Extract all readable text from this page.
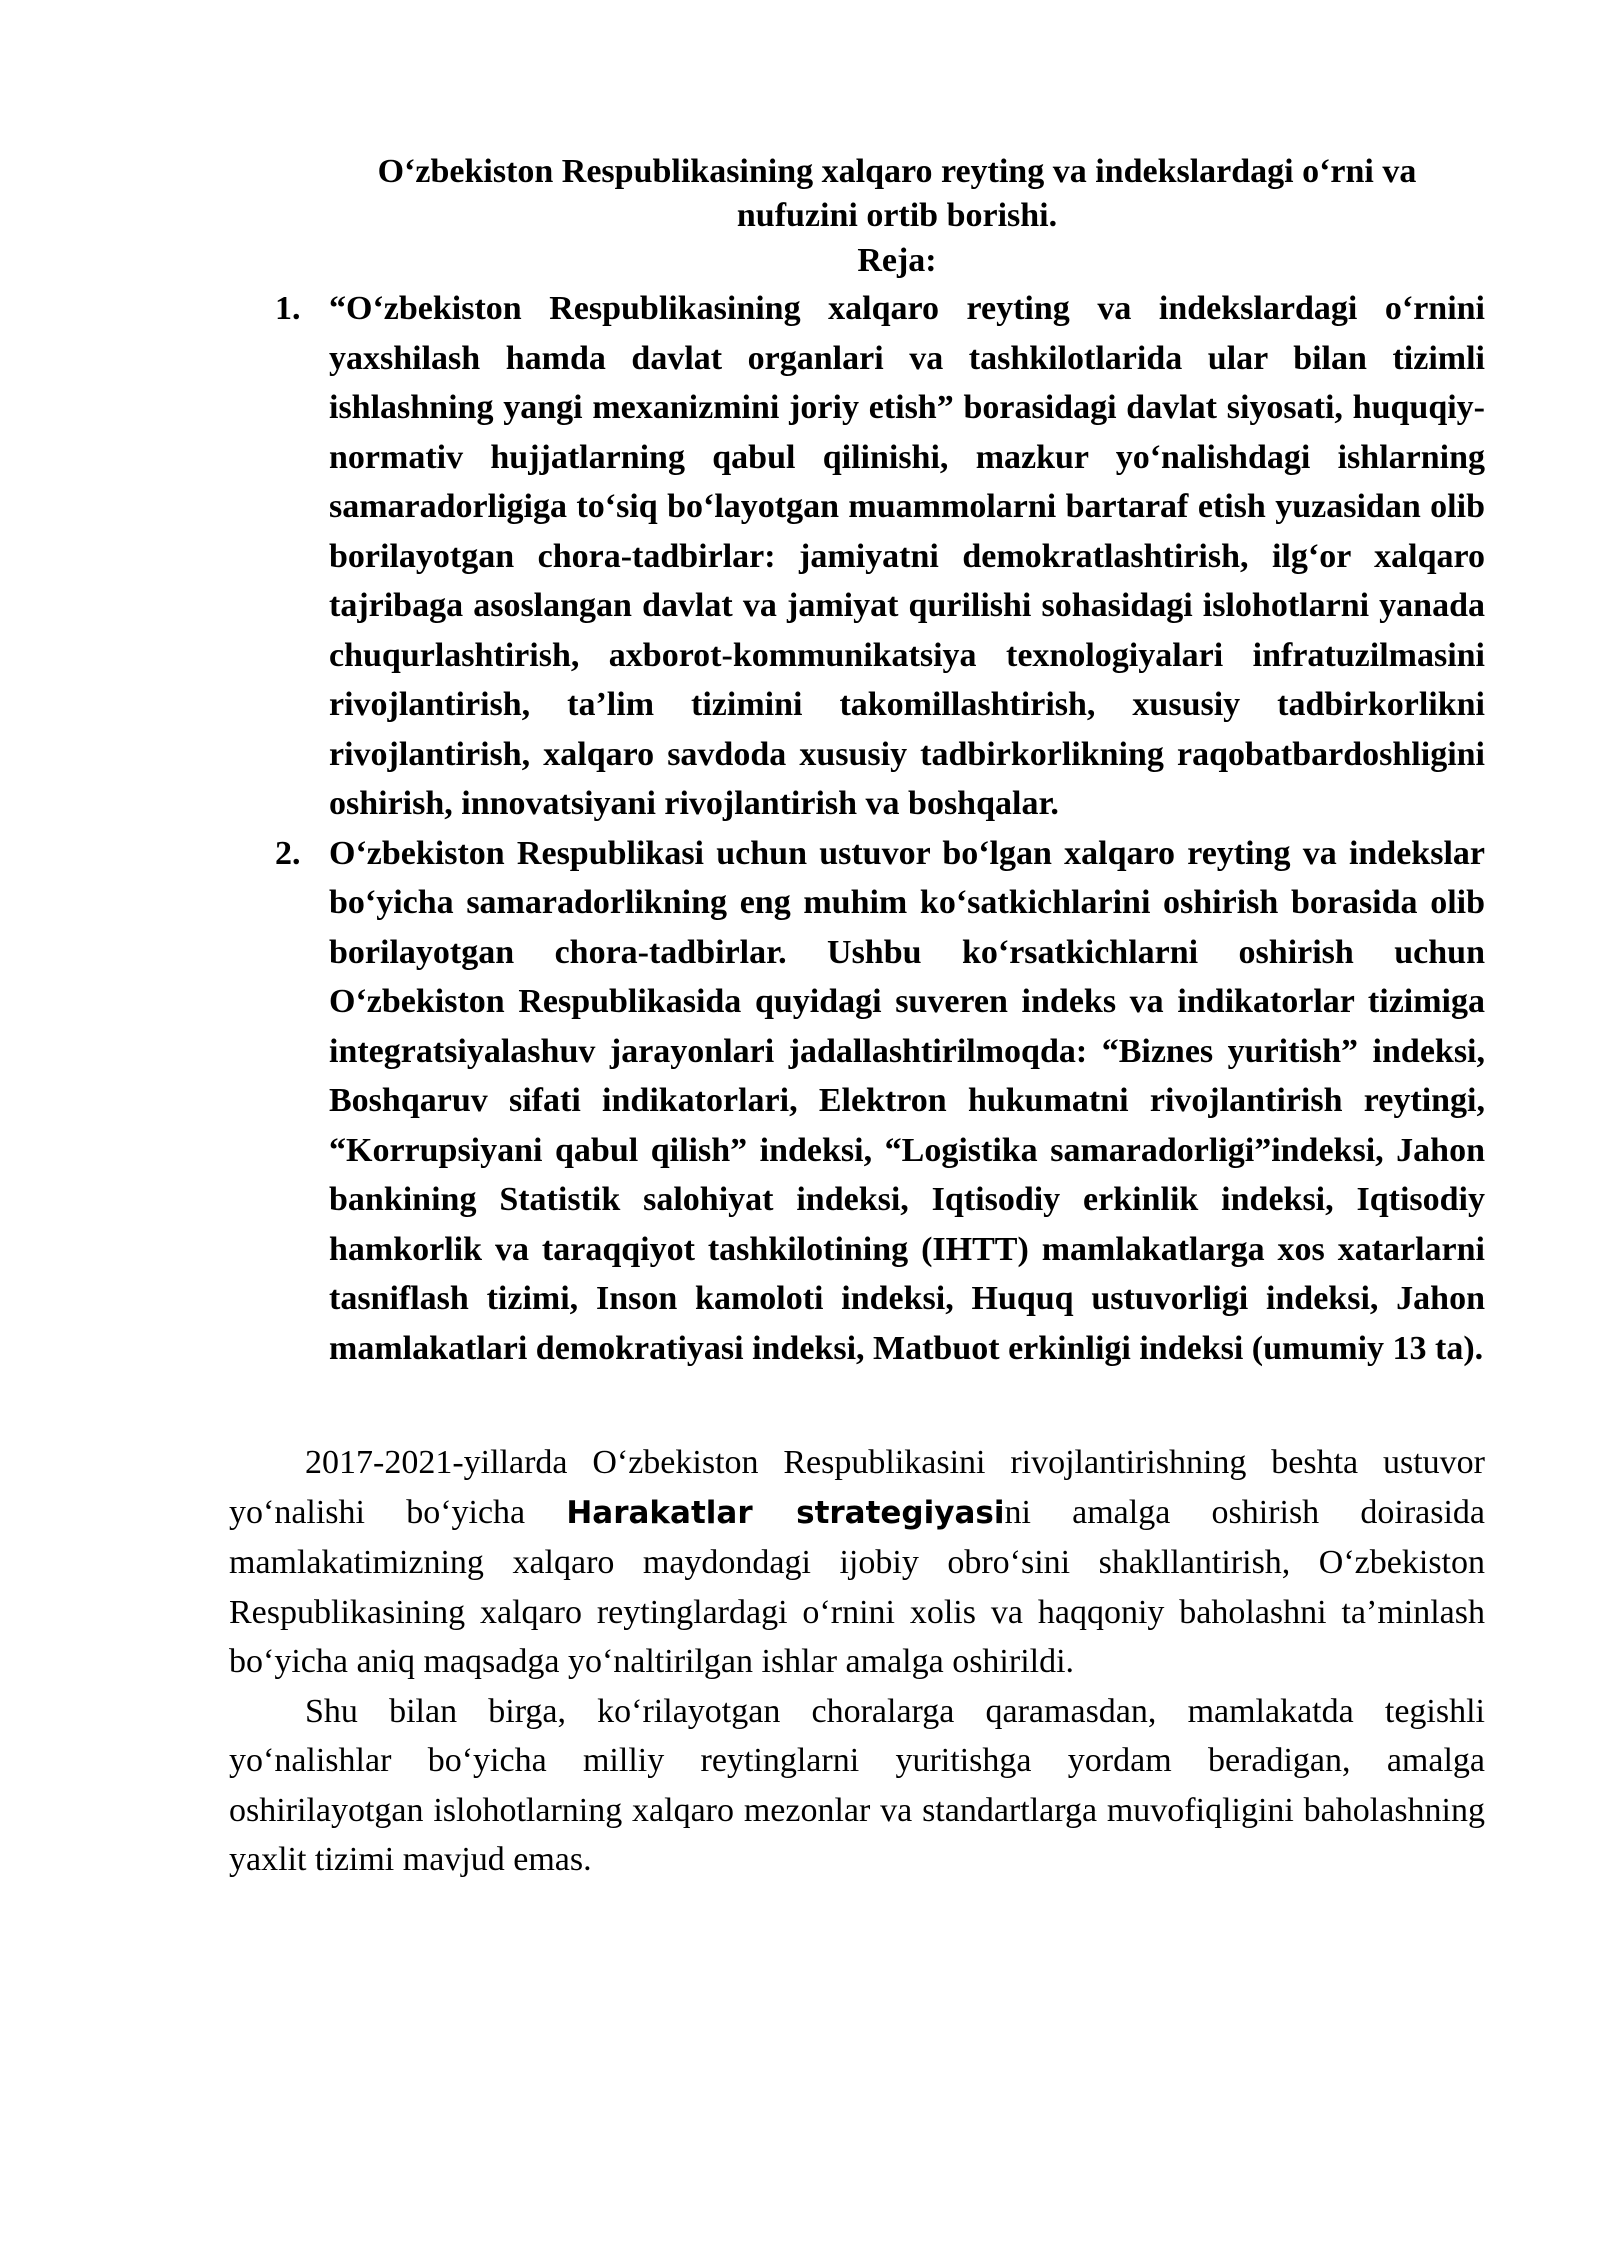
O‘zbekiston Respublikasining xalqaro reyting va indekslardagi o‘rni va
nufuzini ortib borishi.
Reja:
1. “O‘zbekiston Respublikasining xalqaro reyting va indekslardagi o‘rnini yaxshilash hamda davlat organlari va tashkilotlarida ular bilan tizimli ishlashning yangi mexanizmini joriy etish” borasidagi davlat siyosati, huquqiy-normativ hujjatlarning qabul qilinishi, mazkur yo‘nalishdagi ishlarning samaradorligiga to‘siq bo‘layotgan muammolarni bartaraf etish yuzasidan olib borilayotgan chora-tadbirlar: jamiyatni demokratlashtirish, ilg‘or xalqaro tajribaga asoslangan davlat va jamiyat qurilishi sohasidagi islohotlarni yanada chuqurlashtirish, axborot-kommunikatsiya texnologiyalari infratuzilmasini rivojlantirish, ta’lim tizimini takomillashtirish, xususiy tadbirkorlikni rivojlantirish, xalqaro savdoda xususiy tadbirkorlikning raqobatbardoshligini oshirish, innovatsiyani rivojlantirish va boshqalar.
2. O‘zbekiston Respublikasi uchun ustuvor bo‘lgan xalqaro reyting va indekslar bo‘yicha samaradorlikning eng muhim ko‘satkichlarini oshirish borasida olib borilayotgan chora-tadbirlar. Ushbu ko‘rsatkichlarni oshirish uchun O‘zbekiston Respublikasida quyidagi suveren indeks va indikatorlar tizimiga integratsiyalashuv jarayonlari jadallashtirilmoqda: “Biznes yuritish” indeksi, Boshqaruv sifati indikatorlari, Elektron hukumatni rivojlantirish reytingi, “Korrupsiyani qabul qilish” indeksi, “Logistika samaradorligi”indeksi, Jahon bankining Statistik salohiyat indeksi, Iqtisodiy erkinlik indeksi, Iqtisodiy hamkorlik va taraqqiyot tashkilotining (IHTT) mamlakatlarga xos xatarlarni tasniflash tizimi, Inson kamoloti indeksi, Huquq ustuvorligi indeksi, Jahon mamlakatlari demokratiyasi indeksi, Matbuot erkinligi indeksi (umumiy 13 ta).

2017-2021-yillarda O‘zbekiston Respublikasini rivojlantirishning beshta ustuvor yo‘nalishi bo‘yicha Harakatlar strategiyasini amalga oshirish doirasida mamlakatimizning xalqaro maydondagi ijobiy obro‘sini shakllantirish, O‘zbekiston Respublikasining xalqaro reytinglardagi o‘rnini xolis va haqqoniy baholashni ta’minlash bo‘yicha aniq maqsadga yo‘naltirilgan ishlar amalga oshirildi.

Shu bilan birga, ko‘rilayotgan choralarga qaramasdan, mamlakatda tegishli yo‘nalishlar bo‘yicha milliy reytinglarni yuritishga yordam beradigan, amalga oshirilayotgan islohotlarning xalqaro mezonlar va standartlarga muvofiqligini baholashning yaxlit tizimi mavjud emas.
